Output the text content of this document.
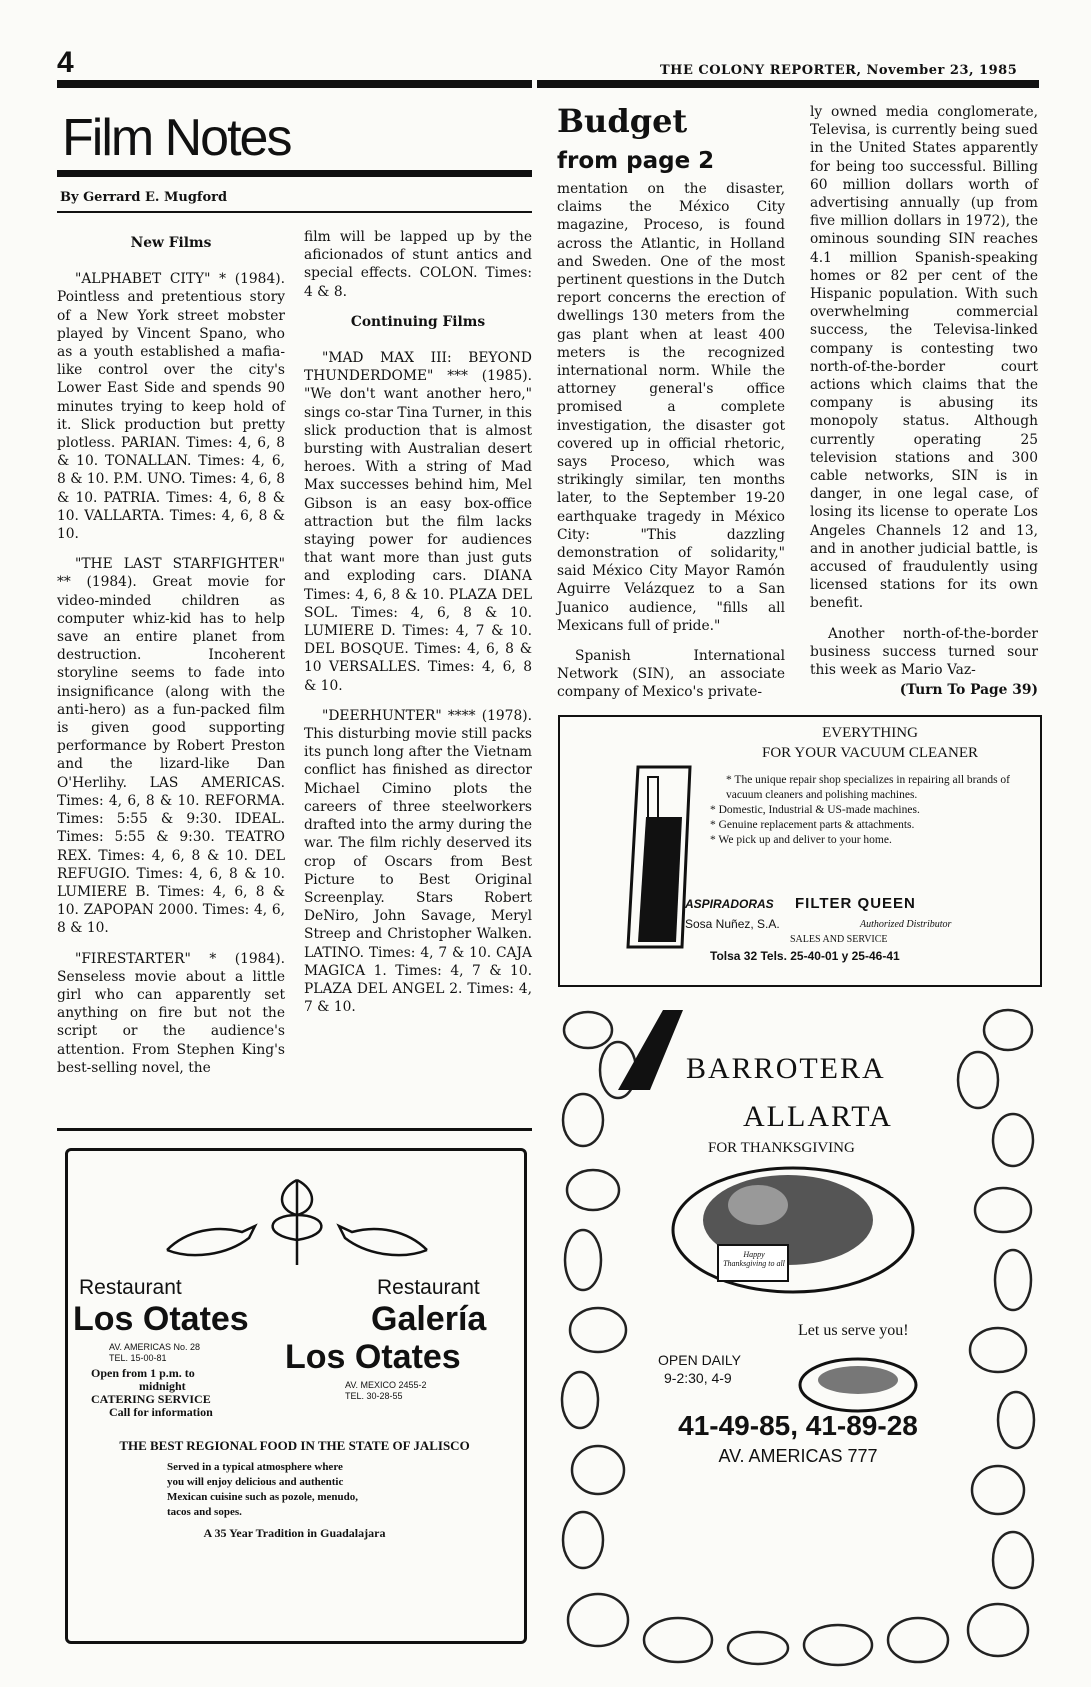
4	THE COLONY REPORTER, November 23, 1985
Film Notes
By Gerrard E. Mugford

New Films

"ALPHABET CITY" * (1984). Pointless and pretentious story of a New York street mobster played by Vincent Spano, who as a youth established a mafia-like control over the city's Lower East Side and spends 90 minutes trying to keep hold of it. Slick production but pretty plotless. PARIAN. Times: 4, 6, 8 & 10. TONALLAN. Times: 4, 6, 8 & 10. P.M. UNO. Times: 4, 6, 8 & 10. PATRIA. Times: 4, 6, 8 & 10. VALLARTA. Times: 4, 6, 8 & 10.

"THE LAST STARFIGHTER" ** (1984). Great movie for video-minded children as computer whiz-kid has to help save an entire planet from destruction. Incoherent storyline seems to fade into insignificance (along with the anti-hero) as a fun-packed film is given good supporting performance by Robert Preston and the lizard-like Dan O'Herlihy. LAS AMERICAS. Times: 4, 6, 8 & 10. REFORMA. Times: 5:55 & 9:30. IDEAL. Times: 5:55 & 9:30. TEATRO REX. Times: 4, 6, 8 & 10. DEL REFUGIO. Times: 4, 6, 8 & 10. LUMIERE B. Times: 4, 6, 8 & 10. ZAPOPAN 2000. Times: 4, 6, 8 & 10.

"FIRESTARTER" * (1984). Senseless movie about a little girl who can apparently set anything on fire but not the script or the audience's attention. From Stephen King's best-selling novel, the

film will be lapped up by the aficionados of stunt antics and special effects. COLON. Times: 4 & 8.

Continuing Films

"MAD MAX III: BEYOND THUNDERDOME" *** (1985). "We don't want another hero," sings co-star Tina Turner, in this slick production that is almost bursting with Australian desert heroes. With a string of Mad Max successes behind him, Mel Gibson is an easy box-office attraction but the film lacks staying power for audiences that want more than just guts and exploding cars. DIANA Times: 4, 6, 8 & 10. PLAZA DEL SOL. Times: 4, 6, 8 & 10. LUMIERE D. Times: 4, 7 & 10. DEL BOSQUE. Times: 4, 6, 8 & 10 VERSALLES. Times: 4, 6, 8 & 10.

"DEERHUNTER" **** (1978). This disturbing movie still packs its punch long after the Vietnam conflict has finished as director Michael Cimino plots the careers of three steelworkers drafted into the army during the war. The film richly deserved its crop of Oscars from Best Picture to Best Original Screenplay. Stars Robert DeNiro, John Savage, Meryl Streep and Christopher Walken. LATINO. Times: 4, 7 & 10. CAJA MAGICA 1. Times: 4, 7 & 10. PLAZA DEL ANGEL 2. Times: 4, 7 & 10.

Budget
from page 2

mentation on the disaster, claims the México City magazine, Proceso, is found across the Atlantic, in Holland and Sweden. One of the most pertinent questions in the Dutch report concerns the erection of dwellings 130 meters from the gas plant when at least 400 meters is the recognized international norm. While the attorney general's office promised a complete investigation, the disaster got covered up in official rhetoric, says Proceso, which was strikingly similar, ten months later, to the September 19-20 earthquake tragedy in México City: "This dazzling demonstration of solidarity," said México City Mayor Ramón Aguirre Velázquez to a San Juanico audience, "fills all Mexicans full of pride."

Spanish International Network (SIN), an associate company of Mexico's private-

ly owned media conglomerate, Televisa, is currently being sued in the United States apparently for being too successful. Billing 60 million dollars worth of advertising annually (up from five million dollars in 1972), the ominous sounding SIN reaches 4.1 million Spanish-speaking homes or 82 per cent of the Hispanic population. With such overwhelming commercial success, the Televisa-linked company is contesting two north-of-the-border court actions which claims that the company is abusing its monopoly status. Although currently operating 25 television stations and 300 cable networks, SIN is in danger, in one legal case, of losing its license to operate Los Angeles Channels 12 and 13, and in another judicial battle, is accused of fraudulently using licensed stations for its own benefit.

Another north-of-the-border business success turned sour this week as Mario Vaz-

(Turn To Page 39)
EVERYTHING
FOR YOUR VACUUM CLEANER
* The unique repair shop specializes in repairing all brands of vacuum cleaners and polishing machines.
* Domestic, Industrial & US-made machines.
* Genuine replacement parts & attachments.
* We pick up and deliver to your home.
ASPIRADORAS FILTER QUEEN
Sosa Nuñez, S.A.	Authorized Distributor
SALES AND SERVICE
Tolsa 32 Tels. 25-40-01 y 25-46-41
BARROTERA
ALLARTA
FOR THANKSGIVING
Happy Thanksgiving to all
Let us serve you!
OPEN DAILY
9-2:30, 4-9
41-49-85, 41-89-28
AV. AMERICAS 777
Restaurant
Los Otates
AV. AMERICAS No. 28
TEL. 15-00-81
Open from 1 p.m. to
midnight
CATERING SERVICE
Call for information
Restaurant
Galería
Los Otates
AV. MEXICO 2455-2
TEL. 30-28-55
THE BEST REGIONAL FOOD IN THE STATE OF JALISCO
Served in a typical atmosphere where
you will enjoy delicious and authentic
Mexican cuisine such as pozole, menudo,
tacos and sopes.
A 35 Year Tradition in Guadalajara
